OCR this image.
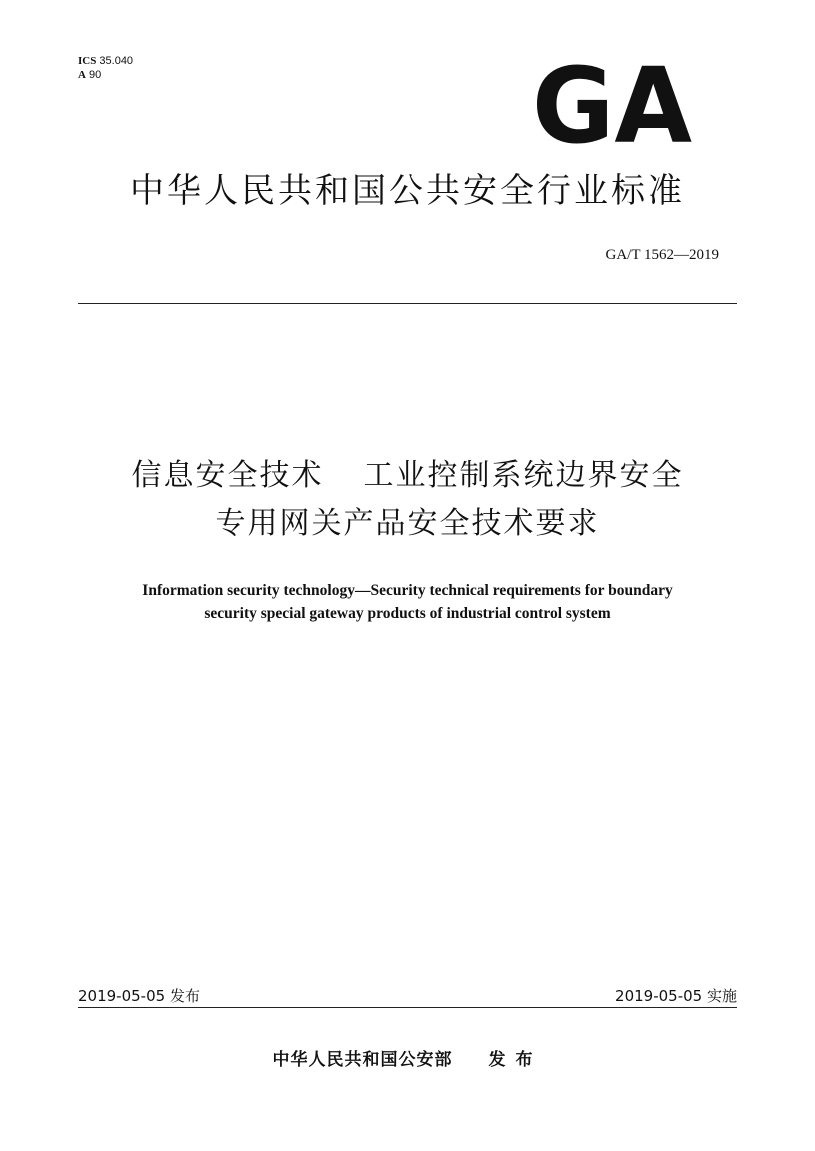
ICS 35.040
A 90	GA
中华人民共和国公共安全行业标准
GA/T 1562—2019
信息安全技术 工业控制系统边界安全
专用网关产品安全技术要求
Information security technology—Security technical requirements for boundary
security special gateway products of industrial control system
2019-05-05 发布	2019-05-05 实施
中华人民共和国公安部 发布
